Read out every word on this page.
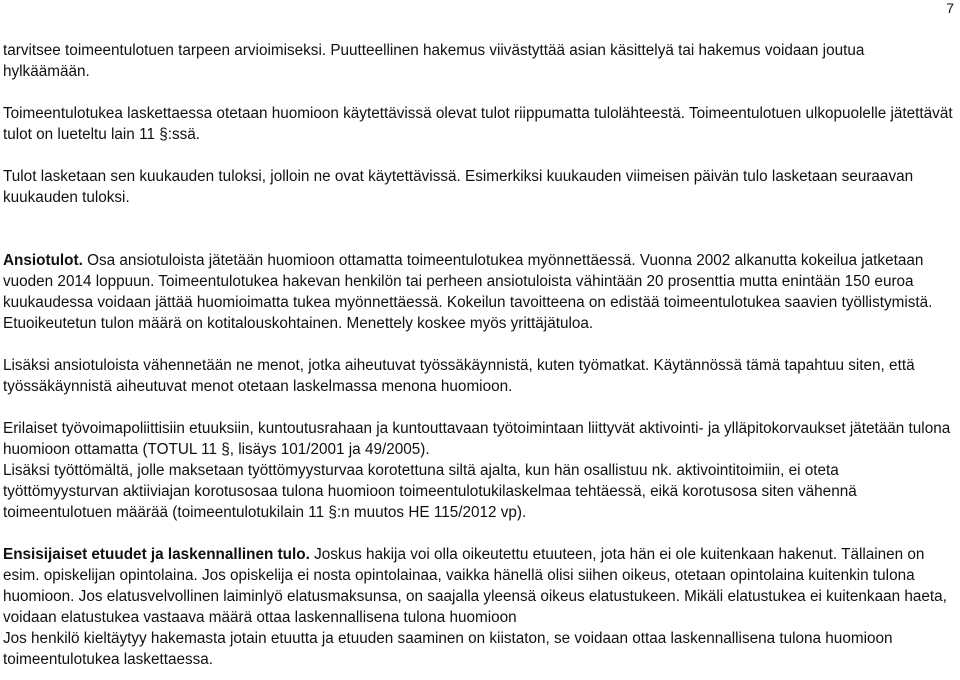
7

tarvitsee toimeentulotuen tarpeen arvioimiseksi. Puutteellinen hakemus viivästyttää asian käsittelyä tai hakemus voidaan joutua hylkäämään.

Toimeentulotukea laskettaessa otetaan huomioon käytettävissä olevat tulot riippumatta tulolähteestä. Toimeentulotuen ulkopuolelle jätettävät tulot on lueteltu lain 11 §:ssä.

Tulot lasketaan sen kuukauden tuloksi, jolloin ne ovat käytettävissä. Esimerkiksi kuukauden viimeisen päivän tulo lasketaan seuraavan kuukauden tuloksi.

Ansiotulot. Osa ansiotuloista jätetään huomioon ottamatta toimeentulotukea myönnettäessä. Vuonna 2002 alkanutta kokeilua jatketaan vuoden 2014 loppuun. Toimeentulotukea hakevan henkilön tai perheen ansiotuloista vähintään 20 prosenttia mutta enintään 150 euroa kuukaudessa voidaan jättää huomioimatta tukea myönnettäessä. Kokeilun tavoitteena on edistää toimeentulotukea saavien työllistymistä. Etuoikeutetun tulon määrä on kotitalouskohtainen. Menettely koskee myös yrittäjätuloa.

Lisäksi ansiotuloista vähennetään ne menot, jotka aiheutuvat työssäkäynnistä, kuten työmatkat. Käytännössä tämä tapahtuu siten, että työssäkäynnistä aiheutuvat menot otetaan laskelmassa menona huomioon.

Erilaiset työvoimapoliittisiin etuuksiin, kuntoutusrahaan ja kuntouttavaan työtoimintaan liittyvät aktivointi- ja ylläpitokorvaukset jätetään tulona huomioon ottamatta (TOTUL 11 §, lisäys 101/2001 ja 49/2005).

Lisäksi työttömältä, jolle maksetaan työttömyysturvaa korotettuna siltä ajalta, kun hän osallistuu nk. aktivointitoimiin, ei oteta työttömyysturvan aktiiviajan korotusosaa tulona huomioon toimeentulotukilaskelmaa tehtäessä, eikä korotusosa siten vähennä toimeentulotuen määrää (toimeentulotukilain 11 §:n muutos HE 115/2012 vp).

Ensisijaiset etuudet ja laskennallinen tulo. Joskus hakija voi olla oikeutettu etuuteen, jota hän ei ole kuitenkaan hakenut. Tällainen on esim. opiskelijan opintolaina. Jos opiskelija ei nosta opintolainaa, vaikka hänellä olisi siihen oikeus, otetaan opintolaina kuitenkin tulona huomioon. Jos elatusvelvollinen laiminlyö elatusmaksunsa, on saajalla yleensä oikeus elatustukeen. Mikäli elatustukea ei kuitenkaan haeta, voidaan elatustukea vastaava määrä ottaa laskennallisena tulona huomioon

Jos henkilö kieltäytyy hakemasta jotain etuutta ja etuuden saaminen on kiistaton, se voidaan ottaa laskennallisena tulona huomioon toimeentulotukea laskettaessa.
